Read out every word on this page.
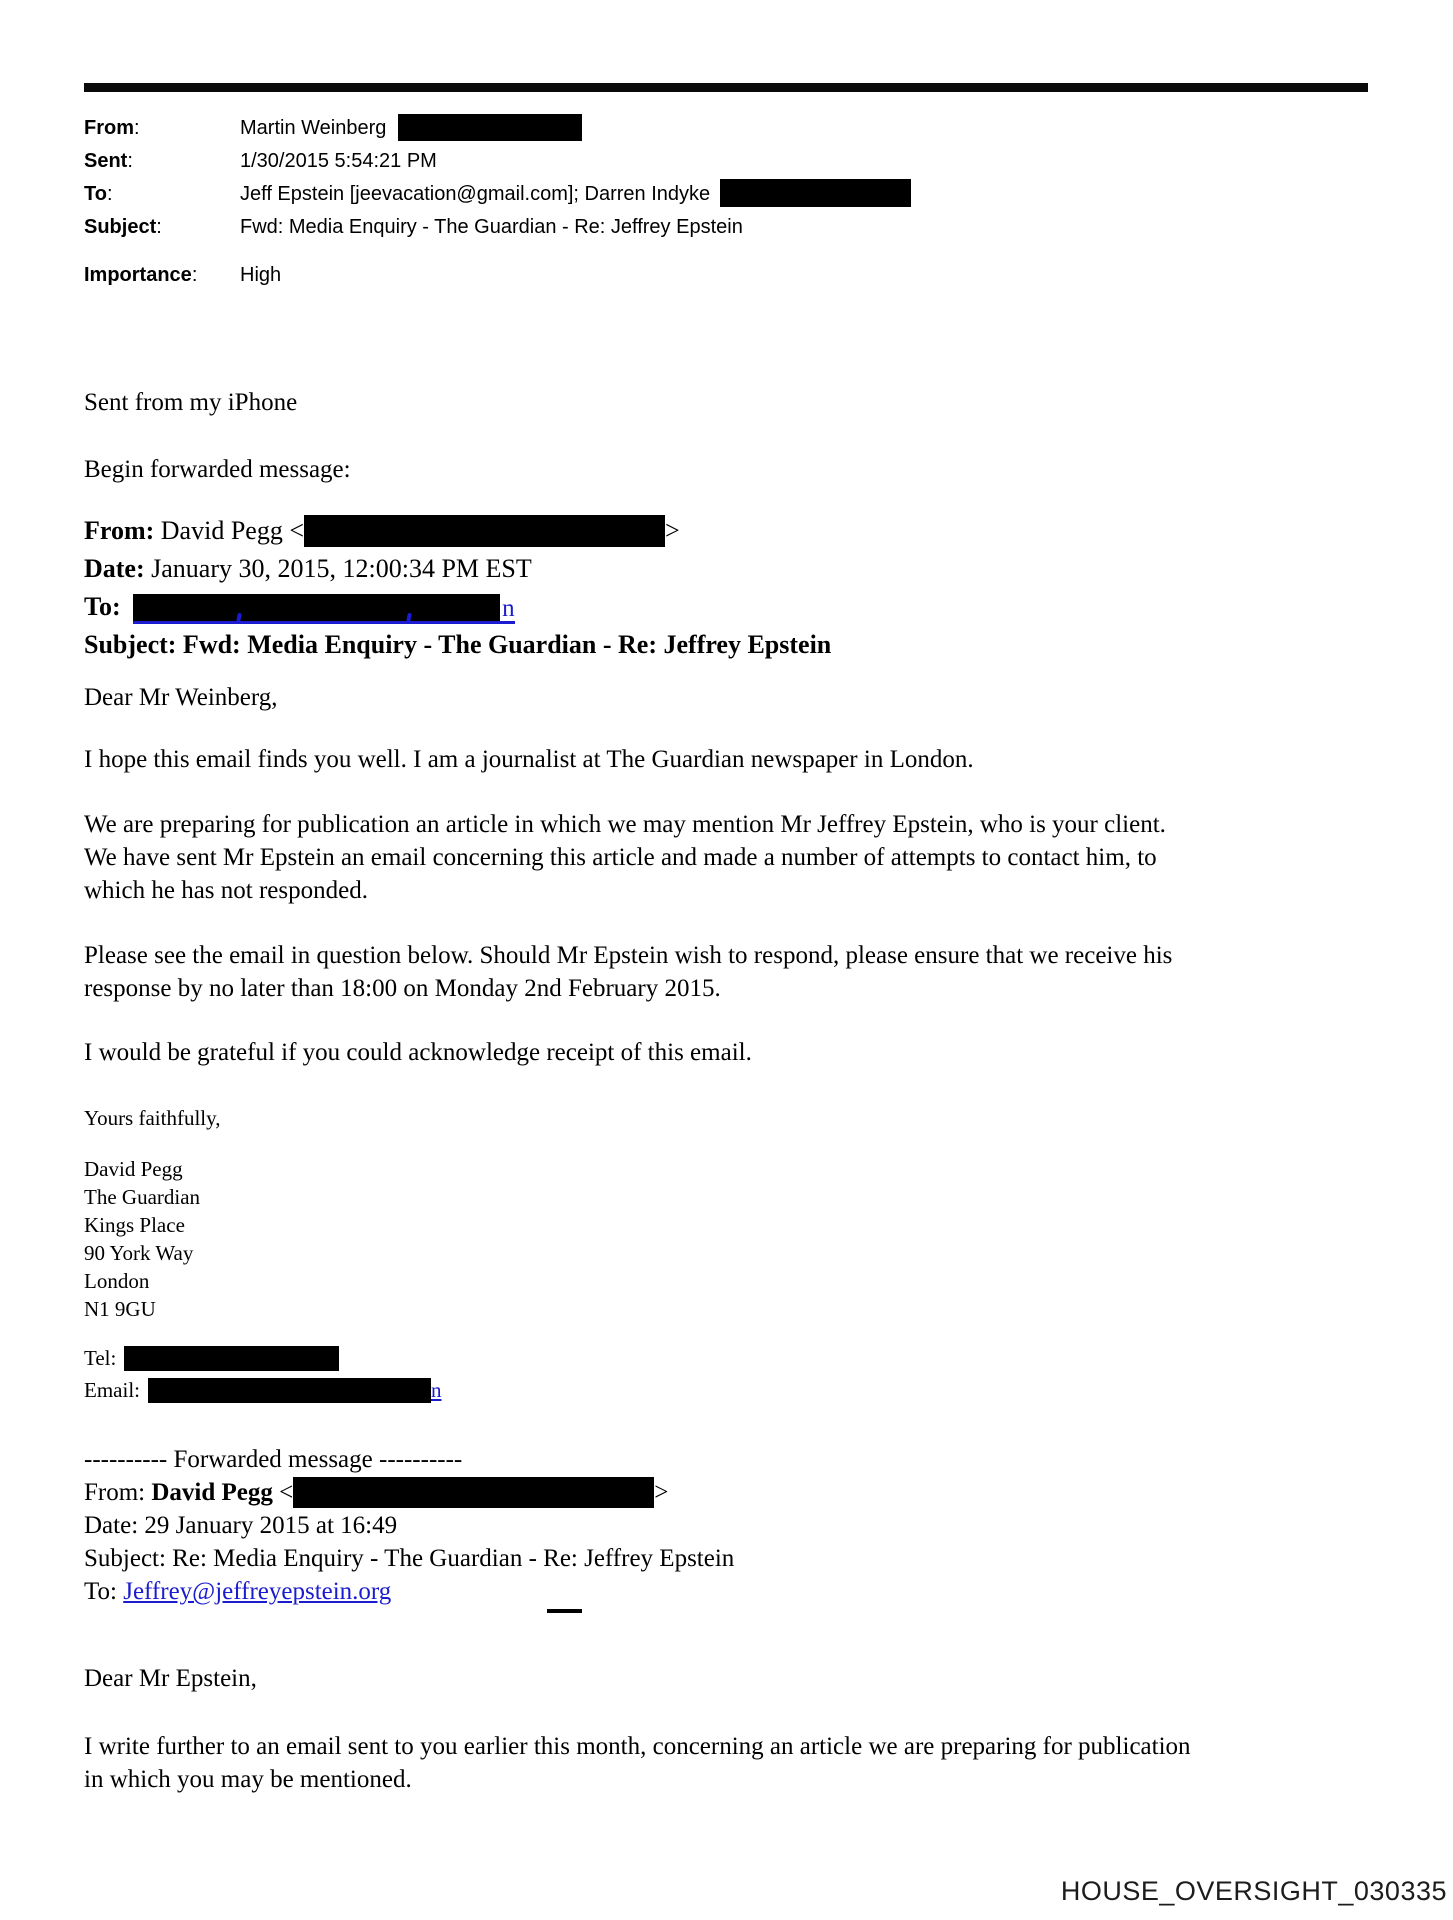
From:	Martin Weinberg
Sent:	1/30/2015 5:54:21 PM
To:	Jeff Epstein [jeevacation@gmail.com]; Darren Indyke
Subject:	Fwd: Media Enquiry - The Guardian - Re: Jeffrey Epstein
Importance:	High
Sent from my iPhone
Begin forwarded message:
From: David Pegg <	>
Date: January 30, 2015, 12:00:34 PM EST
To:	n
Subject: Fwd: Media Enquiry - The Guardian - Re: Jeffrey Epstein
Dear Mr Weinberg,
I hope this email finds you well. I am a journalist at The Guardian newspaper in London.
We are preparing for publication an article in which we may mention Mr Jeffrey Epstein, who is your client.
We have sent Mr Epstein an email concerning this article and made a number of attempts to contact him, to
which he has not responded.
Please see the email in question below. Should Mr Epstein wish to respond, please ensure that we receive his
response by no later than 18:00 on Monday 2nd February 2015.
I would be grateful if you could acknowledge receipt of this email.
Yours faithfully,
David Pegg
The Guardian
Kings Place
90 York Way
London
N1 9GU
Tel:
Email:	n
---------- Forwarded message ----------
From: David Pegg <	>
Date: 29 January 2015 at 16:49
Subject: Re: Media Enquiry - The Guardian - Re: Jeffrey Epstein
To: Jeffrey@jeffreyepstein.org
Dear Mr Epstein,
I write further to an email sent to you earlier this month, concerning an article we are preparing for publication
in which you may be mentioned.
HOUSE_OVERSIGHT_030335
